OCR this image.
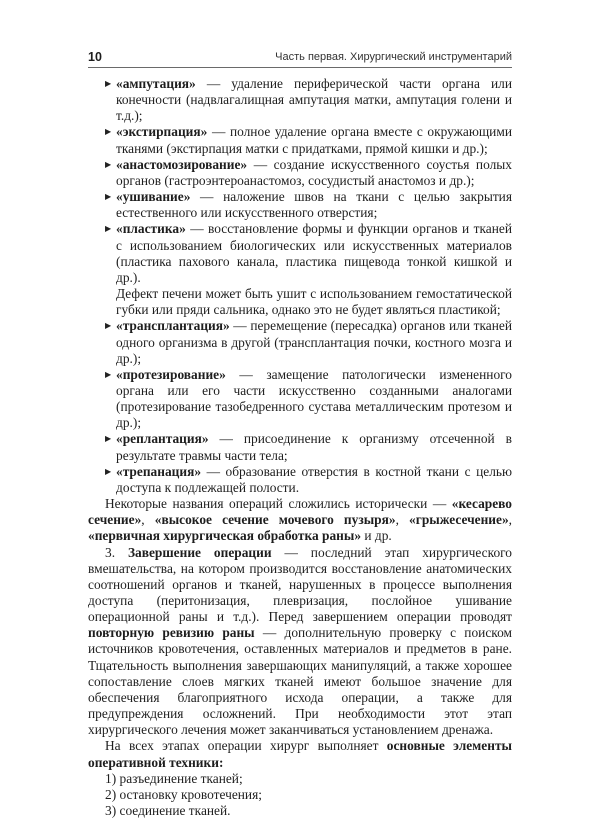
10	Часть первая. Хирургический инструментарий
▶ «ампутация» — удаление периферической части органа или конечности (надвлагалищная ампутация матки, ампутация голени и т.д.);

▶ «экстирпация» — полное удаление органа вместе с окружающими тканями (экстирпация матки с придатками, прямой кишки и др.);

▶ «анастомозирование» — создание искусственного соустья полых органов (гастроэнтероанастомоз, сосудистый анастомоз и др.);

▶ «ушивание» — наложение швов на ткани с целью закрытия естественного или искусственного отверстия;

▶ «пластика» — восстановление формы и функции органов и тканей с использованием биологических или искусственных материалов (пластика пахового канала, пластика пищевода тонкой кишкой и др.).

Дефект печени может быть ушит с использованием гемостатической губки или пряди сальника, однако это не будет являться пластикой;

▶ «трансплантация» — перемещение (пересадка) органов или тканей одного организма в другой (трансплантация почки, костного мозга и др.);

▶ «протезирование» — замещение патологически измененного органа или его части искусственно созданными аналогами (протезирование тазобедренного сустава металлическим протезом и др.);

▶ «реплантация» — присоединение к организму отсеченной в результате травмы части тела;

▶ «трепанация» — образование отверстия в костной ткани с целью доступа к подлежащей полости.

Некоторые названия операций сложились исторически — «кесарево сечение», «высокое сечение мочевого пузыря», «грыжесечение», «первичная хирургическая обработка раны» и др.

3. Завершение операции — последний этап хирургического вмешательства, на котором производится восстановление анатомических соотношений органов и тканей, нарушенных в процессе выполнения доступа (перитонизация, плевризация, послойное ушивание операционной раны и т.д.). Перед завершением операции проводят повторную ревизию раны — дополнительную проверку с поиском источников кровотечения, оставленных материалов и предметов в ране. Тщательность выполнения завершающих манипуляций, а также хорошее сопоставление слоев мягких тканей имеют большое значение для обеспечения благоприятного исхода операции, а также для предупреждения осложнений. При необходимости этот этап хирургического лечения может заканчиваться установлением дренажа.

На всех этапах операции хирург выполняет основные элементы оперативной техники:

1) разъединение тканей;

2) остановку кровотечения;

3) соединение тканей.
